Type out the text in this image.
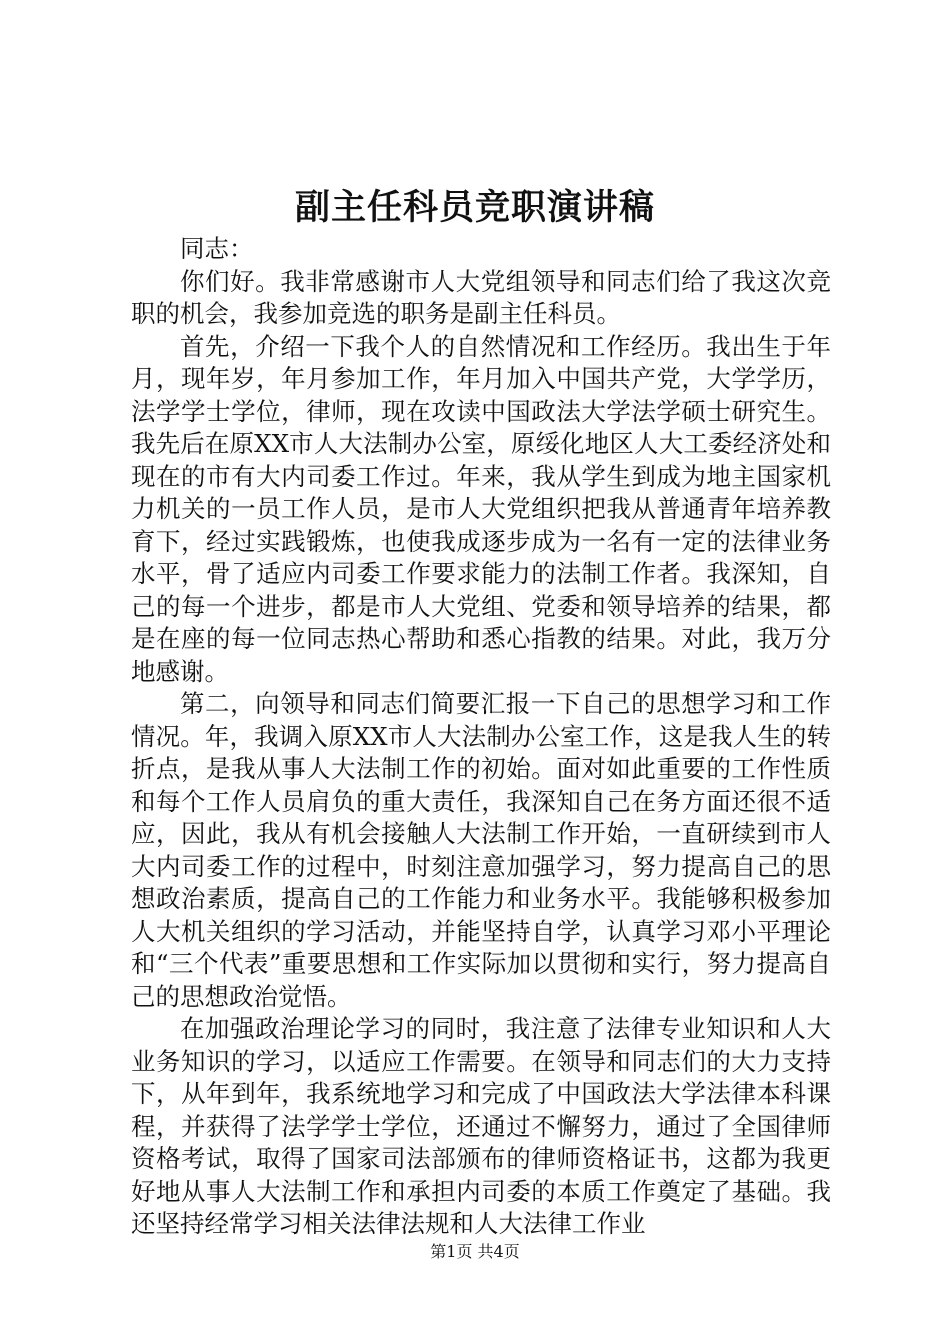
副主任科员竞职演讲稿

同志：

你们好。我非常感谢市人大党组领导和同志们给了我这次竞职的机会，我参加竞选的职务是副主任科员。

首先，介绍一下我个人的自然情况和工作经历。我出生于年月，现年岁，年月参加工作，年月加入中国共产党，大学学历，法学学士学位，律师，现在攻读中国政法大学法学硕士研究生。我先后在原XX市人大法制办公室，原绥化地区人大工委经济处和现在的市有大内司委工作过。年来，我从学生到成为地主国家机力机关的一员工作人员，是市人大党组织把我从普通青年培养教育下，经过实践锻炼，也使我成逐步成为一名有一定的法律业务水平，骨了适应内司委工作要求能力的法制工作者。我深知，自己的每一个进步，都是市人大党组、党委和领导培养的结果，都是在座的每一位同志热心帮助和悉心指教的结果。对此，我万分地感谢。

第二，向领导和同志们简要汇报一下自己的思想学习和工作情况。年，我调入原XX市人大法制办公室工作，这是我人生的转折点，是我从事人大法制工作的初始。面对如此重要的工作性质和每个工作人员肩负的重大责任，我深知自己在务方面还很不适应，因此，我从有机会接触人大法制工作开始，一直研续到市人大内司委工作的过程中，时刻注意加强学习，努力提高自己的思想政治素质，提高自己的工作能力和业务水平。我能够积极参加人大机关组织的学习活动，并能坚持自学，认真学习邓小平理论和“三个代表”重要思想和工作实际加以贯彻和实行，努力提高自己的思想政治觉悟。

在加强政治理论学习的同时，我注意了法律专业知识和人大业务知识的学习，以适应工作需要。在领导和同志们的大力支持下，从年到年，我系统地学习和完成了中国政法大学法律本科课程，并获得了法学学士学位，还通过不懈努力，通过了全国律师资格考试，取得了国家司法部颁布的律师资格证书，这都为我更好地从事人大法制工作和承担内司委的本质工作奠定了基础。我还坚持经常学习相关法律法规和人大法律工作业

第1页 共4页
